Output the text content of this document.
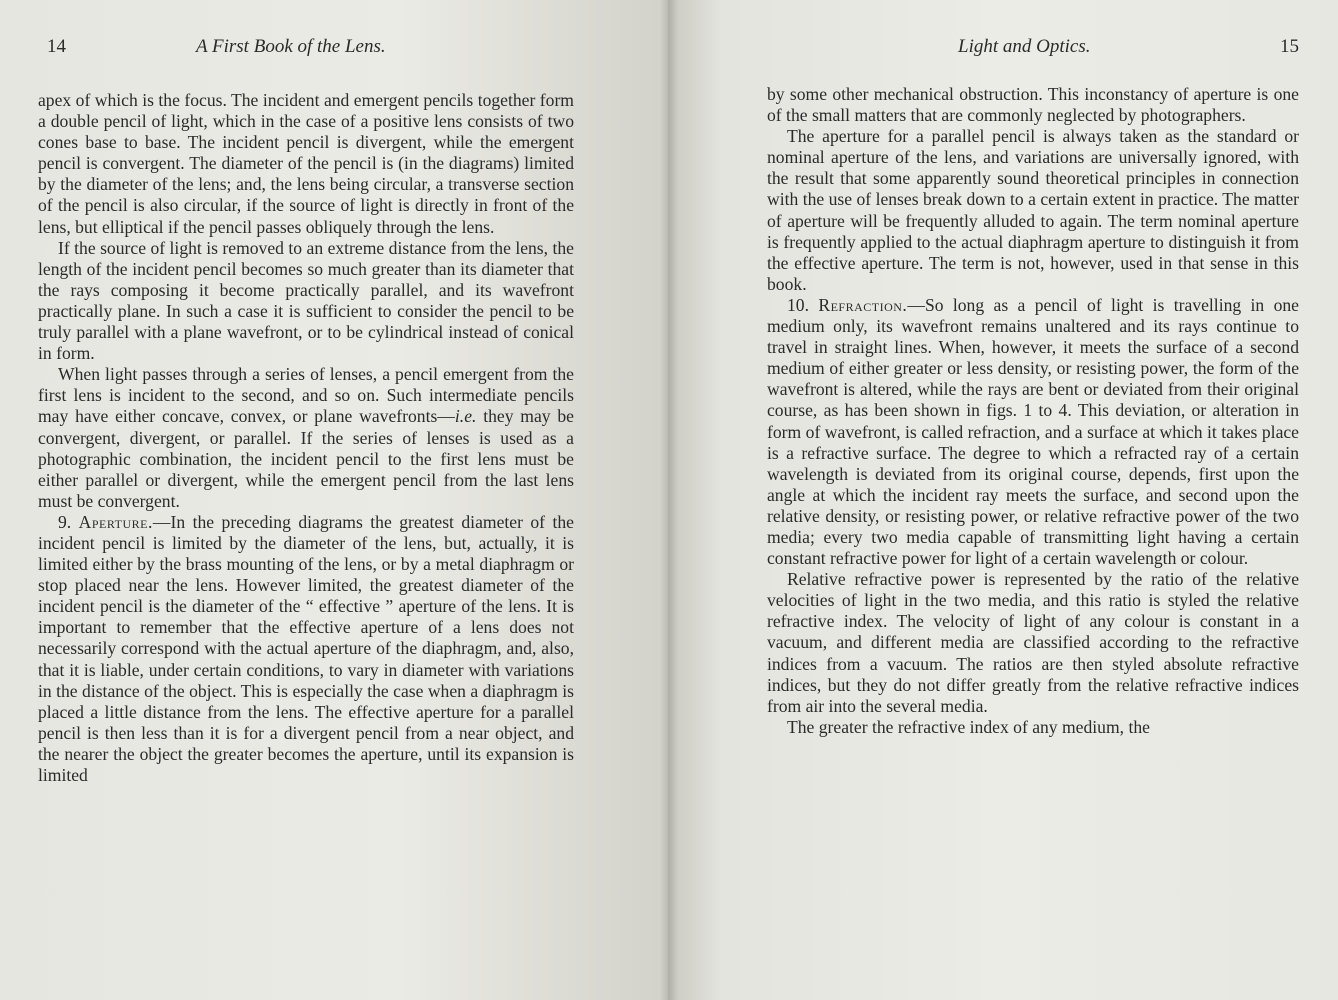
14	A First Book of the Lens.

apex of which is the focus. The incident and emergent pencils together form a double pencil of light, which in the case of a positive lens consists of two cones base to base. The incident pencil is divergent, while the emergent pencil is convergent. The diameter of the pencil is (in the diagrams) limited by the diameter of the lens; and, the lens being circular, a transverse section of the pencil is also circular, if the source of light is directly in front of the lens, but elliptical if the pencil passes obliquely through the lens.

If the source of light is removed to an extreme distance from the lens, the length of the incident pencil becomes so much greater than its diameter that the rays composing it become practically parallel, and its wavefront practically plane. In such a case it is sufficient to consider the pencil to be truly parallel with a plane wavefront, or to be cylindrical instead of conical in form.

When light passes through a series of lenses, a pencil emergent from the first lens is incident to the second, and so on. Such intermediate pencils may have either concave, convex, or plane wavefronts—i.e. they may be convergent, divergent, or parallel. If the series of lenses is used as a photographic combination, the incident pencil to the first lens must be either parallel or divergent, while the emergent pencil from the last lens must be convergent.

9. Aperture.—In the preceding diagrams the greatest diameter of the incident pencil is limited by the diameter of the lens, but, actually, it is limited either by the brass mounting of the lens, or by a metal diaphragm or stop placed near the lens. However limited, the greatest diameter of the incident pencil is the diameter of the “ effective ” aperture of the lens. It is important to remember that the effective aperture of a lens does not necessarily correspond with the actual aperture of the diaphragm, and, also, that it is liable, under certain conditions, to vary in diameter with variations in the distance of the object. This is especially the case when a diaphragm is placed a little distance from the lens. The effective aperture for a parallel pencil is then less than it is for a divergent pencil from a near object, and the nearer the object the greater becomes the aperture, until its expansion is limited

Light and Optics.	15

by some other mechanical obstruction. This inconstancy of aperture is one of the small matters that are commonly neglected by photographers.

The aperture for a parallel pencil is always taken as the standard or nominal aperture of the lens, and variations are universally ignored, with the result that some apparently sound theoretical principles in connection with the use of lenses break down to a certain extent in practice. The matter of aperture will be frequently alluded to again. The term nominal aperture is frequently applied to the actual diaphragm aperture to distinguish it from the effective aperture. The term is not, however, used in that sense in this book.

10. Refraction.—So long as a pencil of light is travelling in one medium only, its wavefront remains unaltered and its rays continue to travel in straight lines. When, however, it meets the surface of a second medium of either greater or less density, or resisting power, the form of the wavefront is altered, while the rays are bent or deviated from their original course, as has been shown in figs. 1 to 4. This deviation, or alteration in form of wavefront, is called refraction, and a surface at which it takes place is a refractive surface. The degree to which a refracted ray of a certain wavelength is deviated from its original course, depends, first upon the angle at which the incident ray meets the surface, and second upon the relative density, or resisting power, or relative refractive power of the two media; every two media capable of transmitting light having a certain constant refractive power for light of a certain wavelength or colour.

Relative refractive power is represented by the ratio of the relative velocities of light in the two media, and this ratio is styled the relative refractive index. The velocity of light of any colour is constant in a vacuum, and different media are classified according to the refractive indices from a vacuum. The ratios are then styled absolute refractive indices, but they do not differ greatly from the relative refractive indices from air into the several media.

The greater the refractive index of any medium, the
